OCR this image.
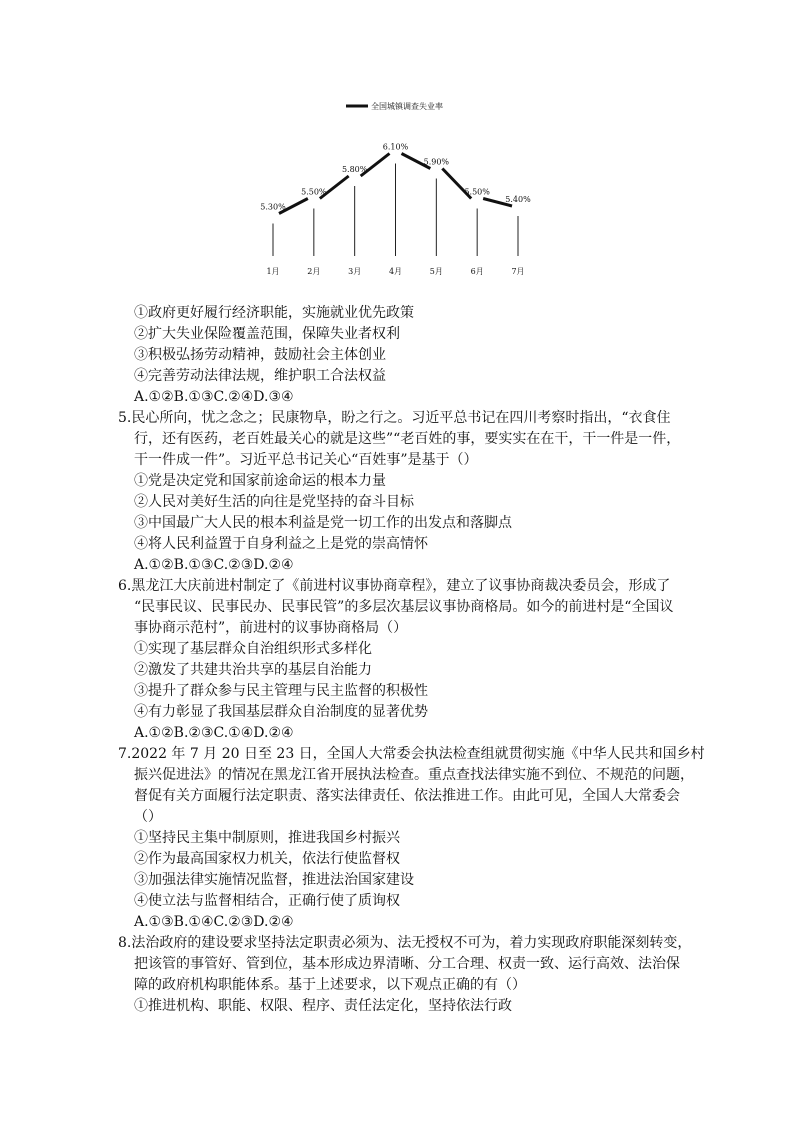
全国城镇调查失业率
5.30%
5.50%
5.80%
6.10%
5.90%
5.50%
5.40%
1月	2月	3月	4月	5月	6月	7月
①政府更好履行经济职能，实施就业优先政策
②扩大失业保险覆盖范围，保障失业者权利
③积极弘扬劳动精神，鼓励社会主体创业
④完善劳动法律法规，维护职工合法权益
A.①②B.①③C.②④D.③④
5.民心所向，忧之念之；民康物阜，盼之行之。习近平总书记在四川考察时指出，“衣食住
行，还有医药，老百姓最关心的就是这些”“老百姓的事，要实实在在干，干一件是一件，
干一件成一件”。习近平总书记关心“百姓事”是基于（）
①党是决定党和国家前途命运的根本力量
②人民对美好生活的向往是党坚持的奋斗目标
③中国最广大人民的根本利益是党一切工作的出发点和落脚点
④将人民利益置于自身利益之上是党的崇高情怀
A.①②B.①③C.②③D.②④
6.黑龙江大庆前进村制定了《前进村议事协商章程》，建立了议事协商裁决委员会，形成了
“民事民议、民事民办、民事民管”的多层次基层议事协商格局。如今的前进村是“全国议
事协商示范村”，前进村的议事协商格局（）
①实现了基层群众自治组织形式多样化
②激发了共建共治共享的基层自治能力
③提升了群众参与民主管理与民主监督的积极性
④有力彰显了我国基层群众自治制度的显著优势
A.①②B.②③C.①④D.②④
7.2022 年 7 月 20 日至 23 日，全国人大常委会执法检查组就贯彻实施《中华人民共和国乡村
振兴促进法》的情况在黑龙江省开展执法检查。重点查找法律实施不到位、不规范的问题，
督促有关方面履行法定职责、落实法律责任、依法推进工作。由此可见，全国人大常委会
（）
①坚持民主集中制原则，推进我国乡村振兴
②作为最高国家权力机关，依法行使监督权
③加强法律实施情况监督，推进法治国家建设
④使立法与监督相结合，正确行使了质询权
A.①③B.①④C.②③D.②④
8.法治政府的建设要求坚持法定职责必须为、法无授权不可为，着力实现政府职能深刻转变，
把该管的事管好、管到位，基本形成边界清晰、分工合理、权责一致、运行高效、法治保
障的政府机构职能体系。基于上述要求，以下观点正确的有（）
①推进机构、职能、权限、程序、责任法定化，坚持依法行政
